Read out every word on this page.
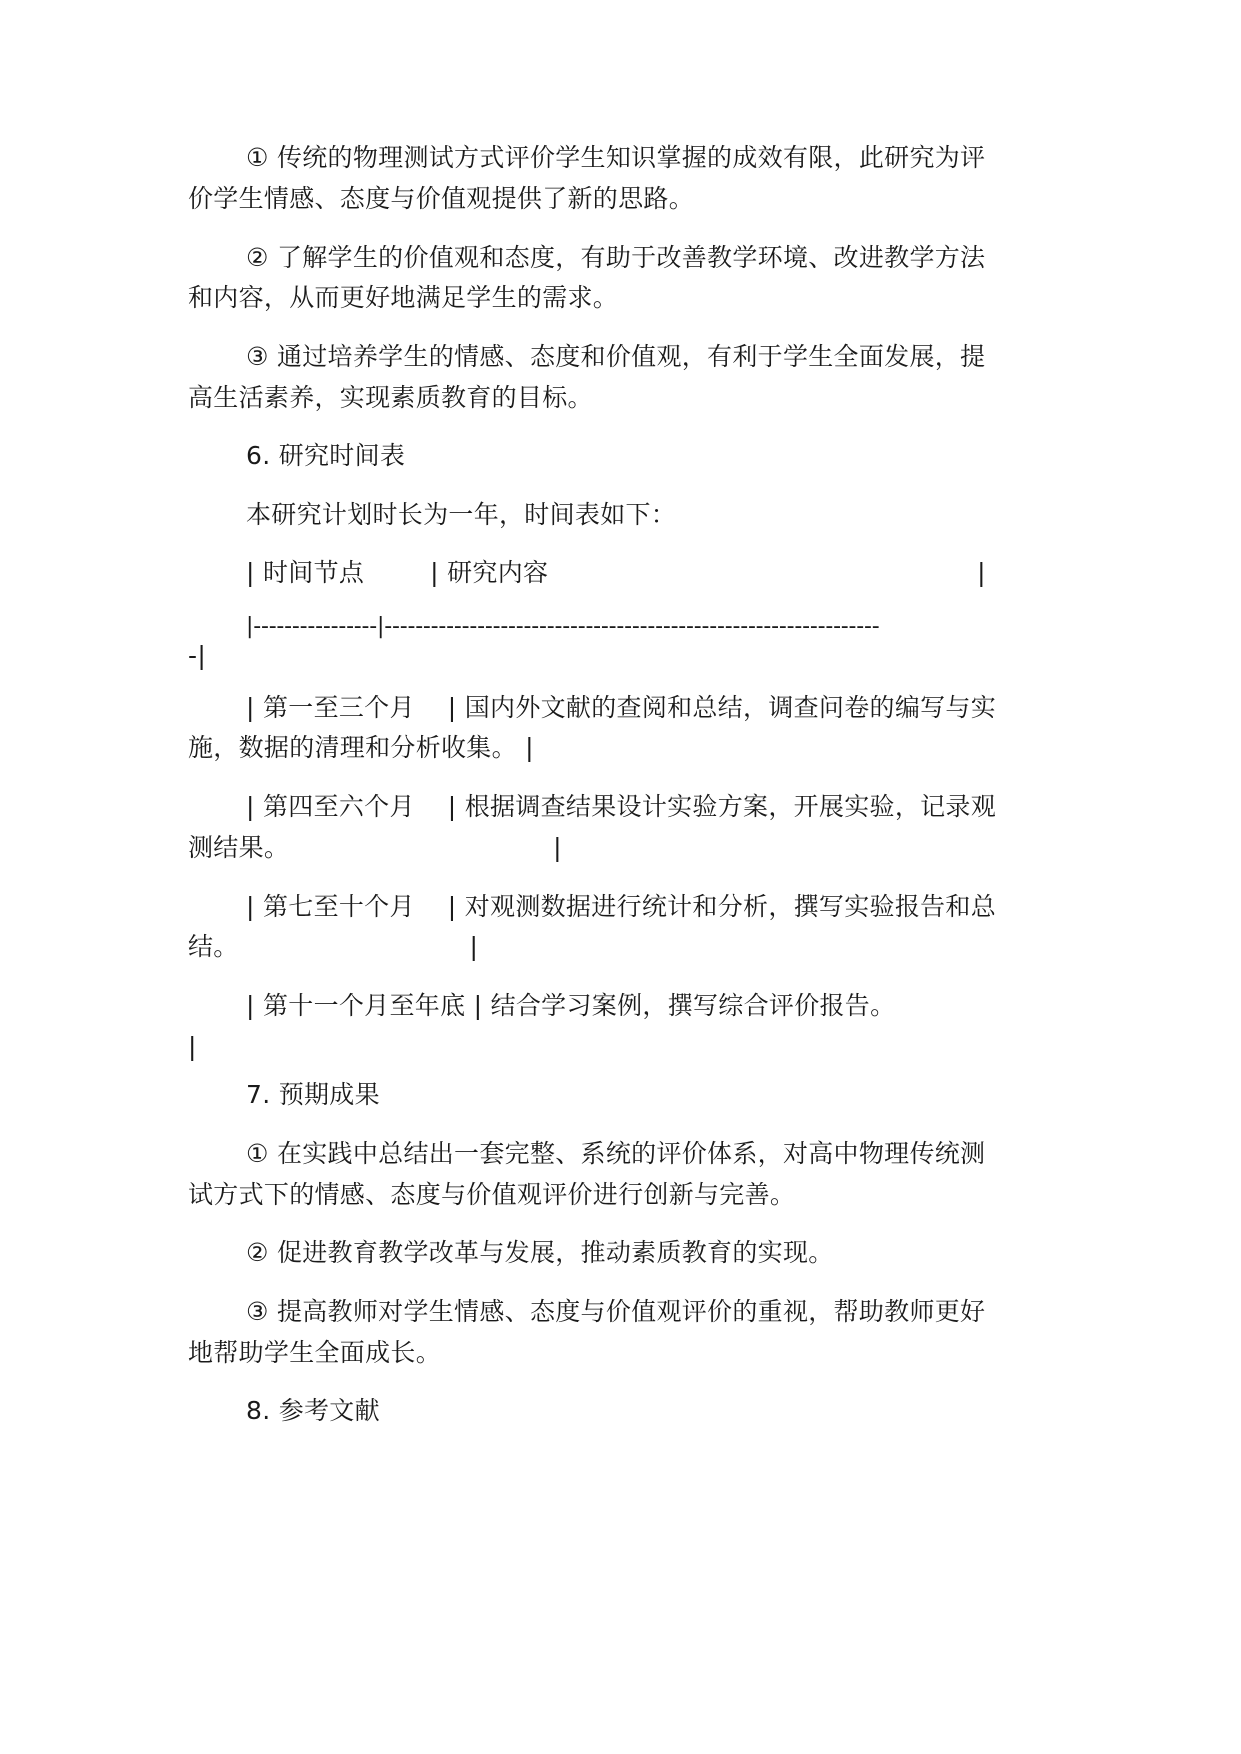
① 传统的物理测试方式评价学生知识掌握的成效有限，此研究为评
价学生情感、态度与价值观提供了新的思路。
② 了解学生的价值观和态度，有助于改善教学环境、改进教学方法
和内容，从而更好地满足学生的需求。
③ 通过培养学生的情感、态度和价值观，有利于学生全面发展，提
高生活素养，实现素质教育的目标。
6. 研究时间表
本研究计划时长为一年，时间表如下：
| 时间节点        | 研究内容                                                    |
|----------------|----------------------------------------------------------------
-|
| 第一至三个月    | 国内外文献的查阅和总结，调查问卷的编写与实
施，数据的清理和分析收集。 |
| 第四至六个月    | 根据调查结果设计实验方案，开展实验，记录观
测结果。                                |
| 第七至十个月    | 对观测数据进行统计和分析，撰写实验报告和总
结。                            |
| 第十一个月至年底 | 结合学习案例，撰写综合评价报告。
|
7. 预期成果
① 在实践中总结出一套完整、系统的评价体系，对高中物理传统测
试方式下的情感、态度与价值观评价进行创新与完善。
② 促进教育教学改革与发展，推动素质教育的实现。
③ 提高教师对学生情感、态度与价值观评价的重视，帮助教师更好
地帮助学生全面成长。
8. 参考文献
